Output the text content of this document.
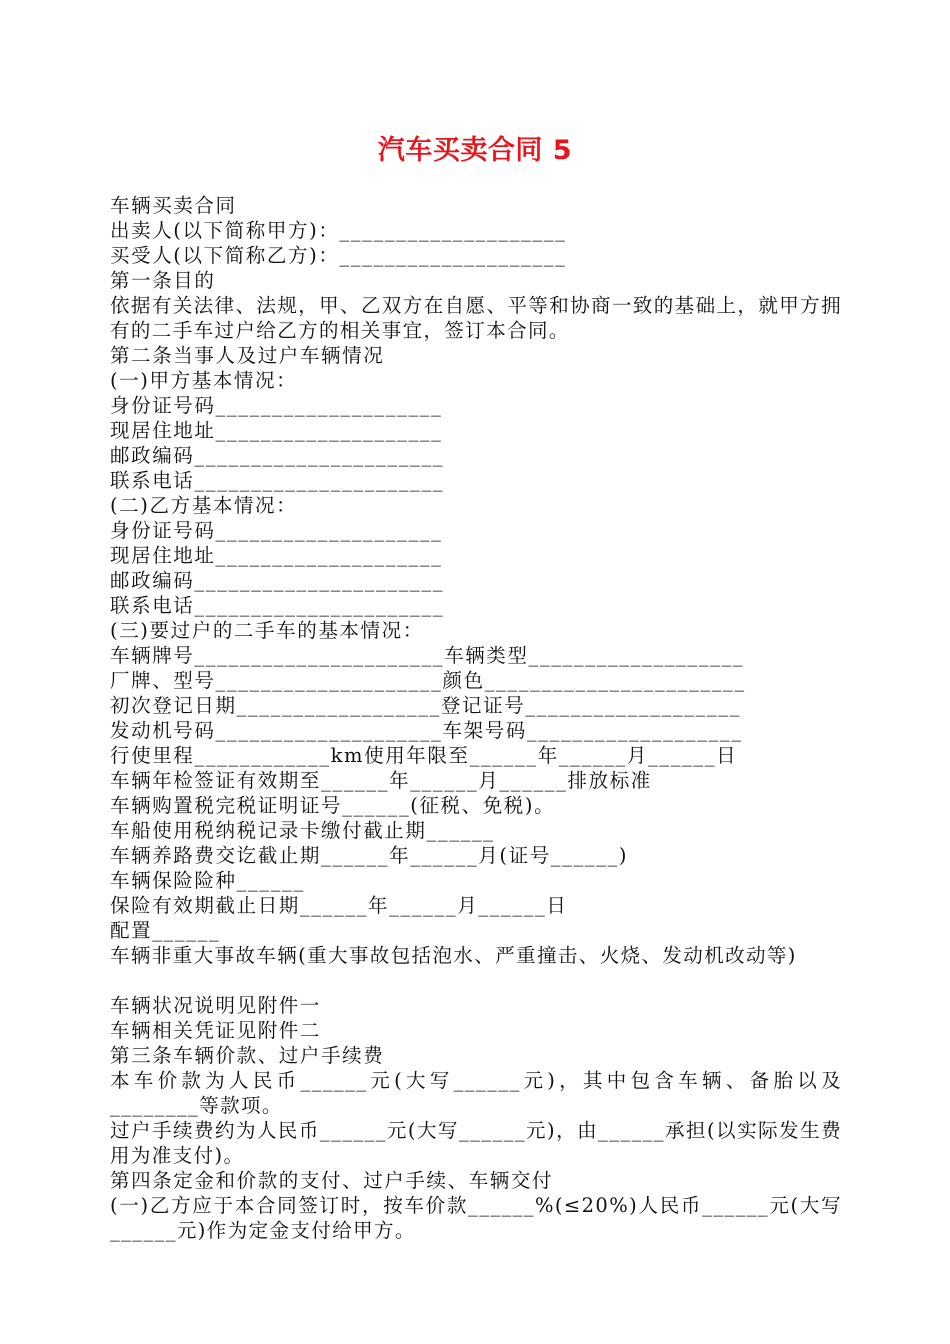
汽车买卖合同 5
车辆买卖合同
出卖人(以下简称甲方)：____________________
买受人(以下简称乙方)：____________________
第一条目的
依据有关法律、法规，甲、乙双方在自愿、平等和协商一致的基础上，就甲方拥有的二手车过户给乙方的相关事宜，签订本合同。
第二条当事人及过户车辆情况
(一)甲方基本情况：
身份证号码____________________
现居住地址____________________
邮政编码______________________
联系电话______________________
(二)乙方基本情况：
身份证号码____________________
现居住地址____________________
邮政编码______________________
联系电话______________________
(三)要过户的二手车的基本情况：
车辆牌号______________________车辆类型___________________
厂牌、型号____________________颜色_______________________
初次登记日期__________________登记证号___________________
发动机号码____________________车架号码___________________
行使里程____________km使用年限至______年______月______日
车辆年检签证有效期至______年______月______排放标准
车辆购置税完税证明证号______(征税、免税)。
车船使用税纳税记录卡缴付截止期______
车辆养路费交讫截止期______年______月(证号______)
车辆保险险种______
保险有效期截止日期______年______月______日
配置______
车辆非重大事故车辆(重大事故包括泡水、严重撞击、火烧、发动机改动等)
车辆状况说明见附件一
车辆相关凭证见附件二
第三条车辆价款、过户手续费
本车价款为人民币______元(大写______元)，其中包含车辆、备胎以及________等款项。
过户手续费约为人民币______元(大写______元)，由______承担(以实际发生费用为准支付)。
第四条定金和价款的支付、过户手续、车辆交付
(一)乙方应于本合同签订时，按车价款______%(≤20%)人民币______元(大写______元)作为定金支付给甲方。
